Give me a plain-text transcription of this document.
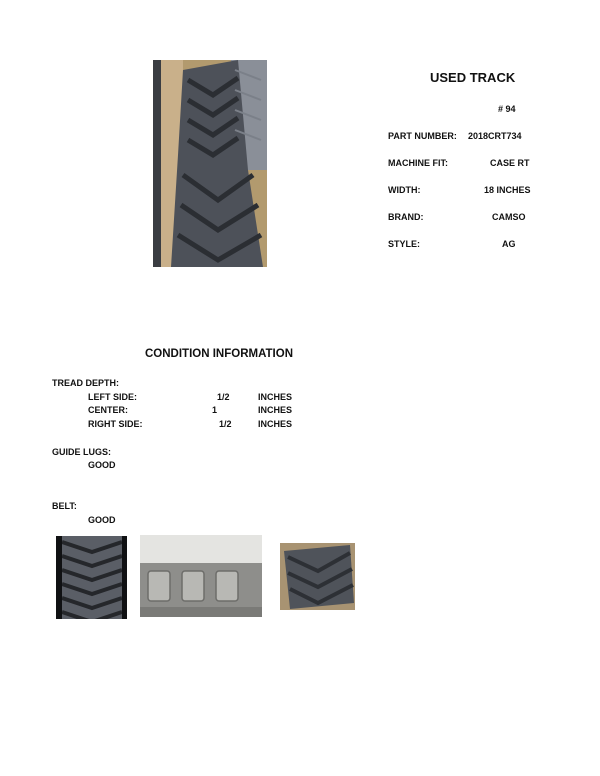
USED TRACK
# 94
PART NUMBER: 2018CRT734
MACHINE FIT:	CASE RT
WIDTH:	18 INCHES
BRAND:	CAMSO
STYLE:	AG
CONDITION INFORMATION
TREAD DEPTH:
LEFT SIDE:	1/2	INCHES
CENTER:	1	INCHES
RIGHT SIDE:	1/2	INCHES
GUIDE LUGS:
GOOD
BELT:
GOOD
